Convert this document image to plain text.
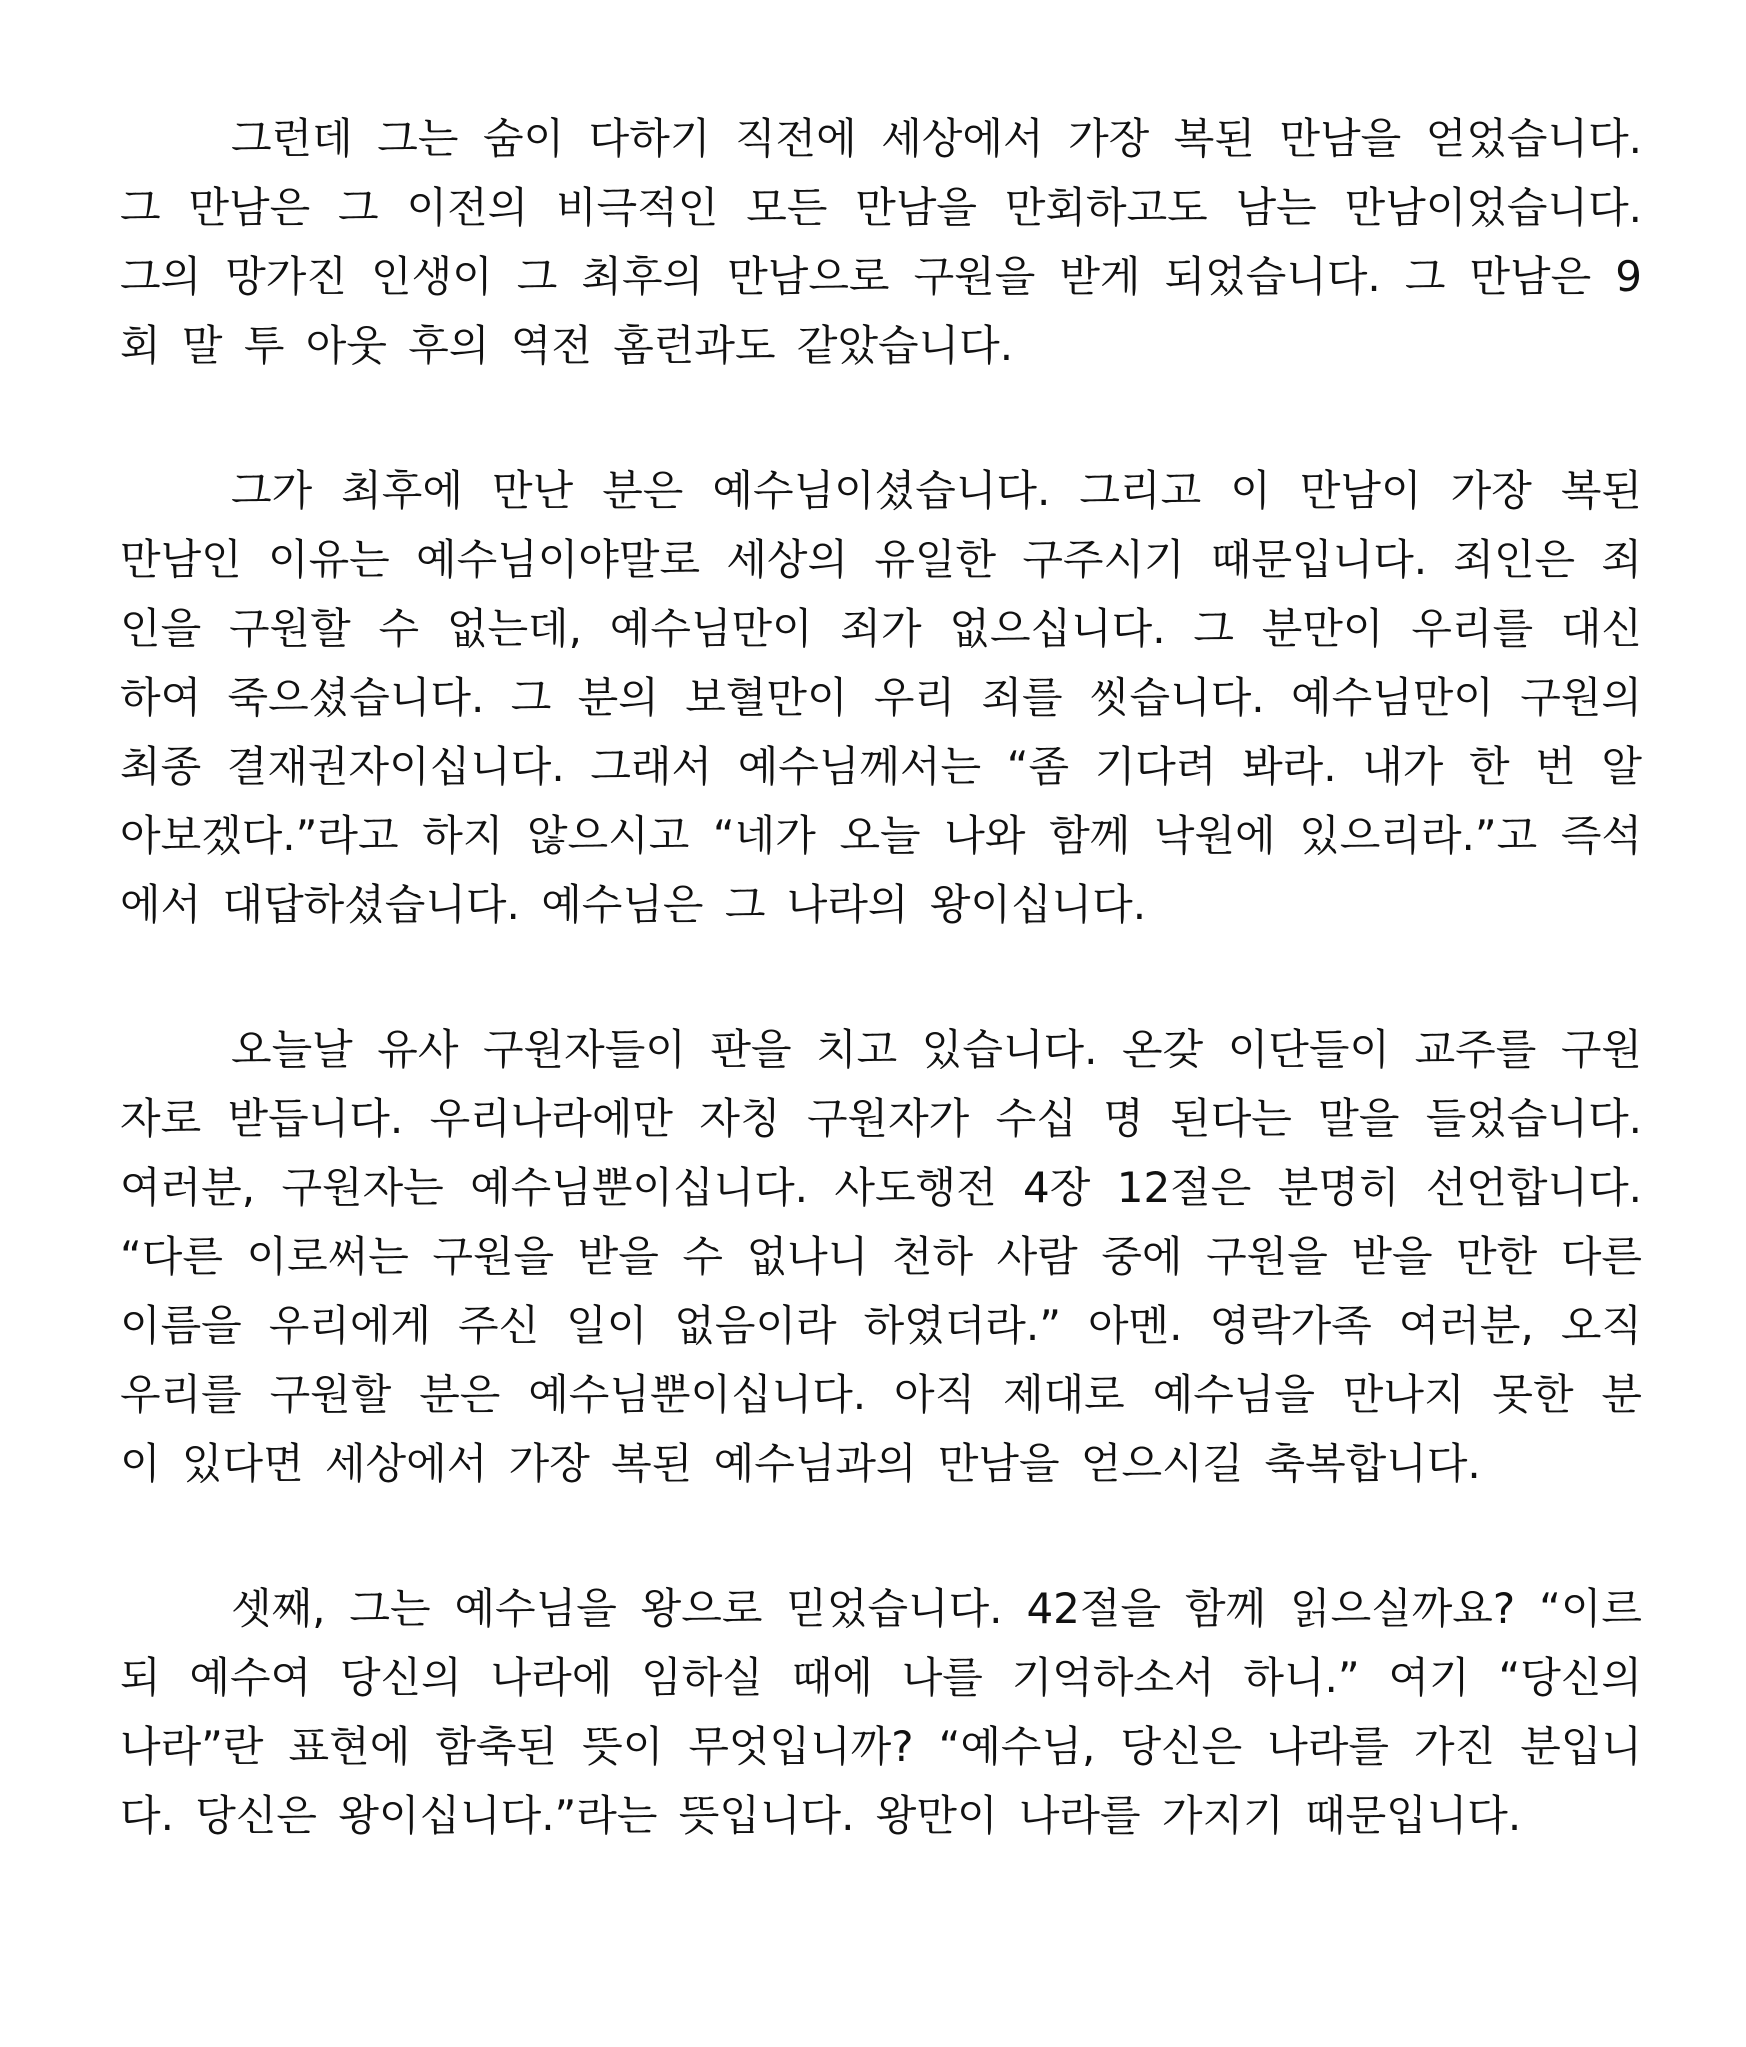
그런데 그는 숨이 다하기 직전에 세상에서 가장 복된 만남을 얻었습니다.
그 만남은 그 이전의 비극적인 모든 만남을 만회하고도 남는 만남이었습니다.
그의 망가진 인생이 그 최후의 만남으로 구원을 받게 되었습니다. 그 만남은 9
회 말 투 아웃 후의 역전 홈런과도 같았습니다.

그가 최후에 만난 분은 예수님이셨습니다. 그리고 이 만남이 가장 복된
만남인 이유는 예수님이야말로 세상의 유일한 구주시기 때문입니다. 죄인은 죄
인을 구원할 수 없는데, 예수님만이 죄가 없으십니다. 그 분만이 우리를 대신
하여 죽으셨습니다. 그 분의 보혈만이 우리 죄를 씻습니다. 예수님만이 구원의
최종 결재권자이십니다. 그래서 예수님께서는 “좀 기다려 봐라. 내가 한 번 알
아보겠다.”라고 하지 않으시고 “네가 오늘 나와 함께 낙원에 있으리라.”고 즉석
에서 대답하셨습니다. 예수님은 그 나라의 왕이십니다.

오늘날 유사 구원자들이 판을 치고 있습니다. 온갖 이단들이 교주를 구원
자로 받듭니다. 우리나라에만 자칭 구원자가 수십 명 된다는 말을 들었습니다.
여러분, 구원자는 예수님뿐이십니다. 사도행전 4장 12절은 분명히 선언합니다.
“다른 이로써는 구원을 받을 수 없나니 천하 사람 중에 구원을 받을 만한 다른
이름을 우리에게 주신 일이 없음이라 하였더라.” 아멘. 영락가족 여러분, 오직
우리를 구원할 분은 예수님뿐이십니다. 아직 제대로 예수님을 만나지 못한 분
이 있다면 세상에서 가장 복된 예수님과의 만남을 얻으시길 축복합니다.

셋째, 그는 예수님을 왕으로 믿었습니다. 42절을 함께 읽으실까요? “이르
되 예수여 당신의 나라에 임하실 때에 나를 기억하소서 하니.” 여기 “당신의
나라”란 표현에 함축된 뜻이 무엇입니까? “예수님, 당신은 나라를 가진 분입니
다. 당신은 왕이십니다.”라는 뜻입니다. 왕만이 나라를 가지기 때문입니다.
